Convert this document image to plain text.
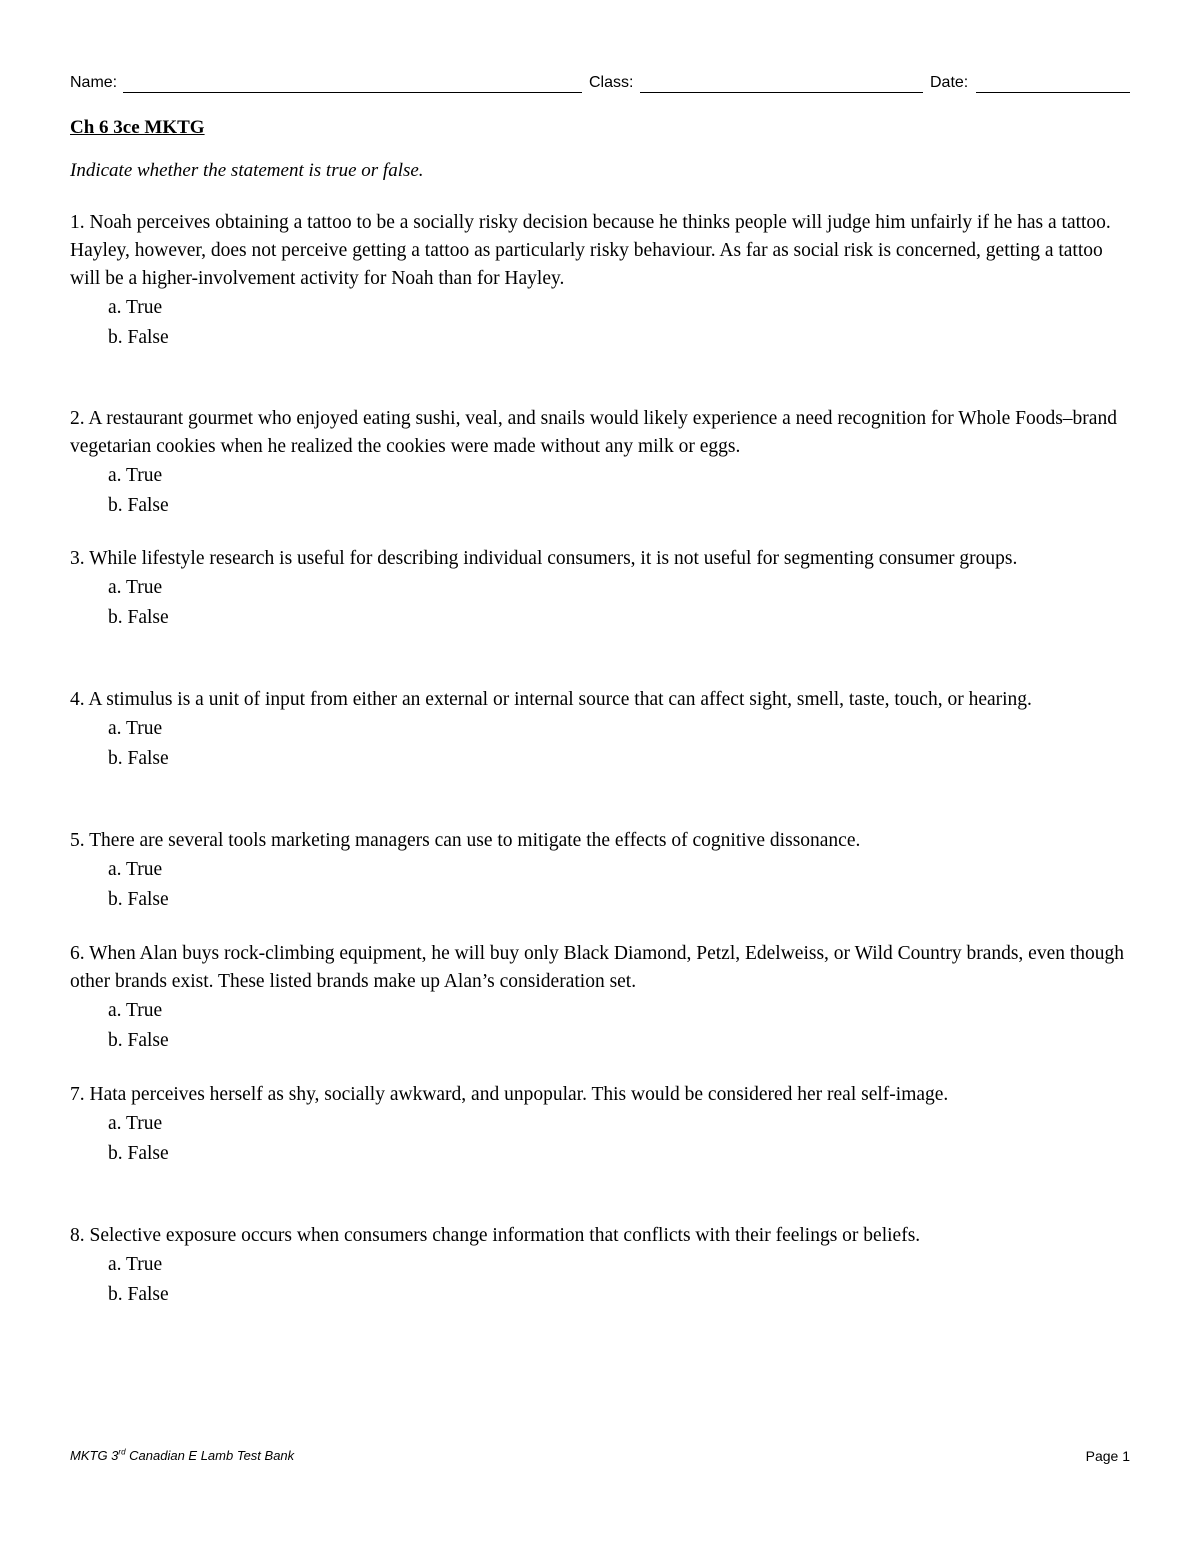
Name:	Class:	Date:
Ch 6 3ce MKTG
Indicate whether the statement is true or false.

1. Noah perceives obtaining a tattoo to be a socially risky decision because he thinks people will judge him unfairly if he has a tattoo. Hayley, however, does not perceive getting a tattoo as particularly risky behaviour. As far as social risk is concerned, getting a tattoo will be a higher-involvement activity for Noah than for Hayley.

a. True

b. False

2. A restaurant gourmet who enjoyed eating sushi, veal, and snails would likely experience a need recognition for Whole Foods–brand vegetarian cookies when he realized the cookies were made without any milk or eggs.

a. True

b. False

3. While lifestyle research is useful for describing individual consumers, it is not useful for segmenting consumer groups.

a. True

b. False

4. A stimulus is a unit of input from either an external or internal source that can affect sight, smell, taste, touch, or hearing.

a. True

b. False

5. There are several tools marketing managers can use to mitigate the effects of cognitive dissonance.

a. True

b. False

6. When Alan buys rock-climbing equipment, he will buy only Black Diamond, Petzl, Edelweiss, or Wild Country brands, even though other brands exist. These listed brands make up Alan’s consideration set.

a. True

b. False

7. Hata perceives herself as shy, socially awkward, and unpopular. This would be considered her real self-image.

a. True

b. False

8. Selective exposure occurs when consumers change information that conflicts with their feelings or beliefs.

a. True

b. False

MKTG 3rd Canadian E Lamb Test Bank	Page 1
